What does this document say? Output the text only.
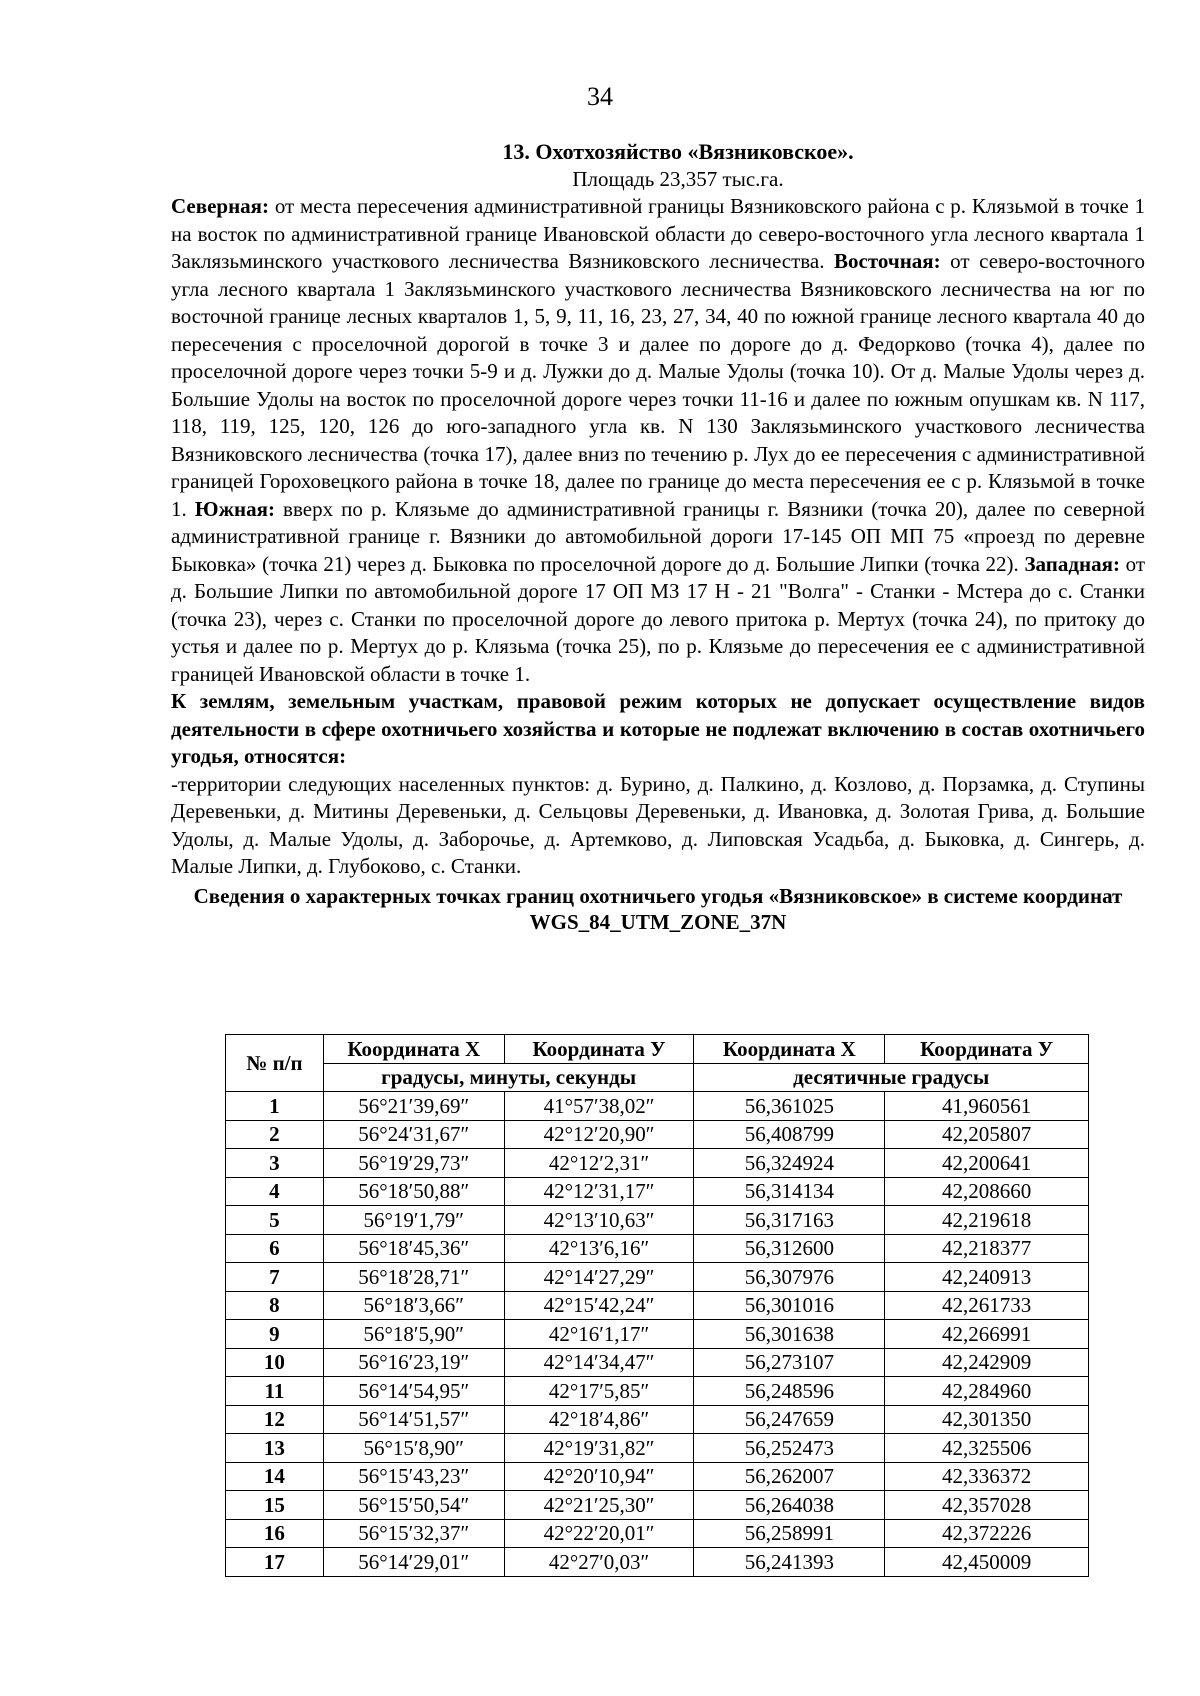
34
13. Охотхозяйство «Вязниковское».
Площадь 23,357 тыс.га.
Северная: от места пересечения административной границы Вязниковского района с р. Клязьмой в точке 1 на восток по административной границе Ивановской области до северо-восточного угла лесного квартала 1 Заклязьминского участкового лесничества Вязниковского лесничества. Восточная: от северо-восточного угла лесного квартала 1 Заклязьминского участкового лесничества Вязниковского лесничества на юг по восточной границе лесных кварталов 1, 5, 9, 11, 16, 23, 27, 34, 40 по южной границе лесного квартала 40 до пересечения с проселочной дорогой в точке 3 и далее по дороге до д. Федорково (точка 4), далее по проселочной дороге через точки 5-9 и д. Лужки до д. Малые Удолы (точка 10). От д. Малые Удолы через д. Большие Удолы на восток по проселочной дороге через точки 11-16 и далее по южным опушкам кв. N 117, 118, 119, 125, 120, 126 до юго-западного угла кв. N 130 Заклязьминского участкового лесничества Вязниковского лесничества (точка 17), далее вниз по течению р. Лух до ее пересечения с административной границей Гороховецкого района в точке 18, далее по границе до места пересечения ее с р. Клязьмой в точке 1. Южная: вверх по р. Клязьме до административной границы г. Вязники (точка 20), далее по северной административной границе г. Вязники до автомобильной дороги 17-145 ОП МП 75 «проезд по деревне Быковка» (точка 21) через д. Быковка по проселочной дороге до д. Большие Липки (точка 22). Западная: от д. Большие Липки по автомобильной дороге 17 ОП МЗ 17 Н - 21 "Волга" - Станки - Мстера до с. Станки (точка 23), через с. Станки по проселочной дороге до левого притока р. Мертух (точка 24), по притоку до устья и далее по р. Мертух до р. Клязьма (точка 25), по р. Клязьме до пересечения ее с административной границей Ивановской области в точке 1.
К землям, земельным участкам, правовой режим которых не допускает осуществление видов деятельности в сфере охотничьего хозяйства и которые не подлежат включению в состав охотничьего угодья, относятся:
-территории следующих населенных пунктов: д. Бурино, д. Палкино, д. Козлово, д. Порзамка, д. Ступины Деревеньки, д. Митины Деревеньки, д. Сельцовы Деревеньки, д. Ивановка, д. Золотая Грива, д. Большие Удолы, д. Малые Удолы, д. Заборочье, д. Артемково, д. Липовская Усадьба, д. Быковка, д. Сингерь, д. Малые Липки, д. Глубоково, с. Станки.
Сведения о характерных точках границ охотничьего угодья «Вязниковское» в системе координат WGS_84_UTM_ZONE_37N
№ п/п	Координата X	Координата У	Координата X	Координата У
	градусы, минуты, секунды		десятичные градусы	
1	56°21′39,69″	41°57′38,02″	56,361025	41,960561
2	56°24′31,67″	42°12′20,90″	56,408799	42,205807
3	56°19′29,73″	42°12′2,31″	56,324924	42,200641
4	56°18′50,88″	42°12′31,17″	56,314134	42,208660
5	56°19′1,79″	42°13′10,63″	56,317163	42,219618
6	56°18′45,36″	42°13′6,16″	56,312600	42,218377
7	56°18′28,71″	42°14′27,29″	56,307976	42,240913
8	56°18′3,66″	42°15′42,24″	56,301016	42,261733
9	56°18′5,90″	42°16′1,17″	56,301638	42,266991
10	56°16′23,19″	42°14′34,47″	56,273107	42,242909
11	56°14′54,95″	42°17′5,85″	56,248596	42,284960
12	56°14′51,57″	42°18′4,86″	56,247659	42,301350
13	56°15′8,90″	42°19′31,82″	56,252473	42,325506
14	56°15′43,23″	42°20′10,94″	56,262007	42,336372
15	56°15′50,54″	42°21′25,30″	56,264038	42,357028
16	56°15′32,37″	42°22′20,01″	56,258991	42,372226
17	56°14′29,01″	42°27′0,03″	56,241393	42,450009
